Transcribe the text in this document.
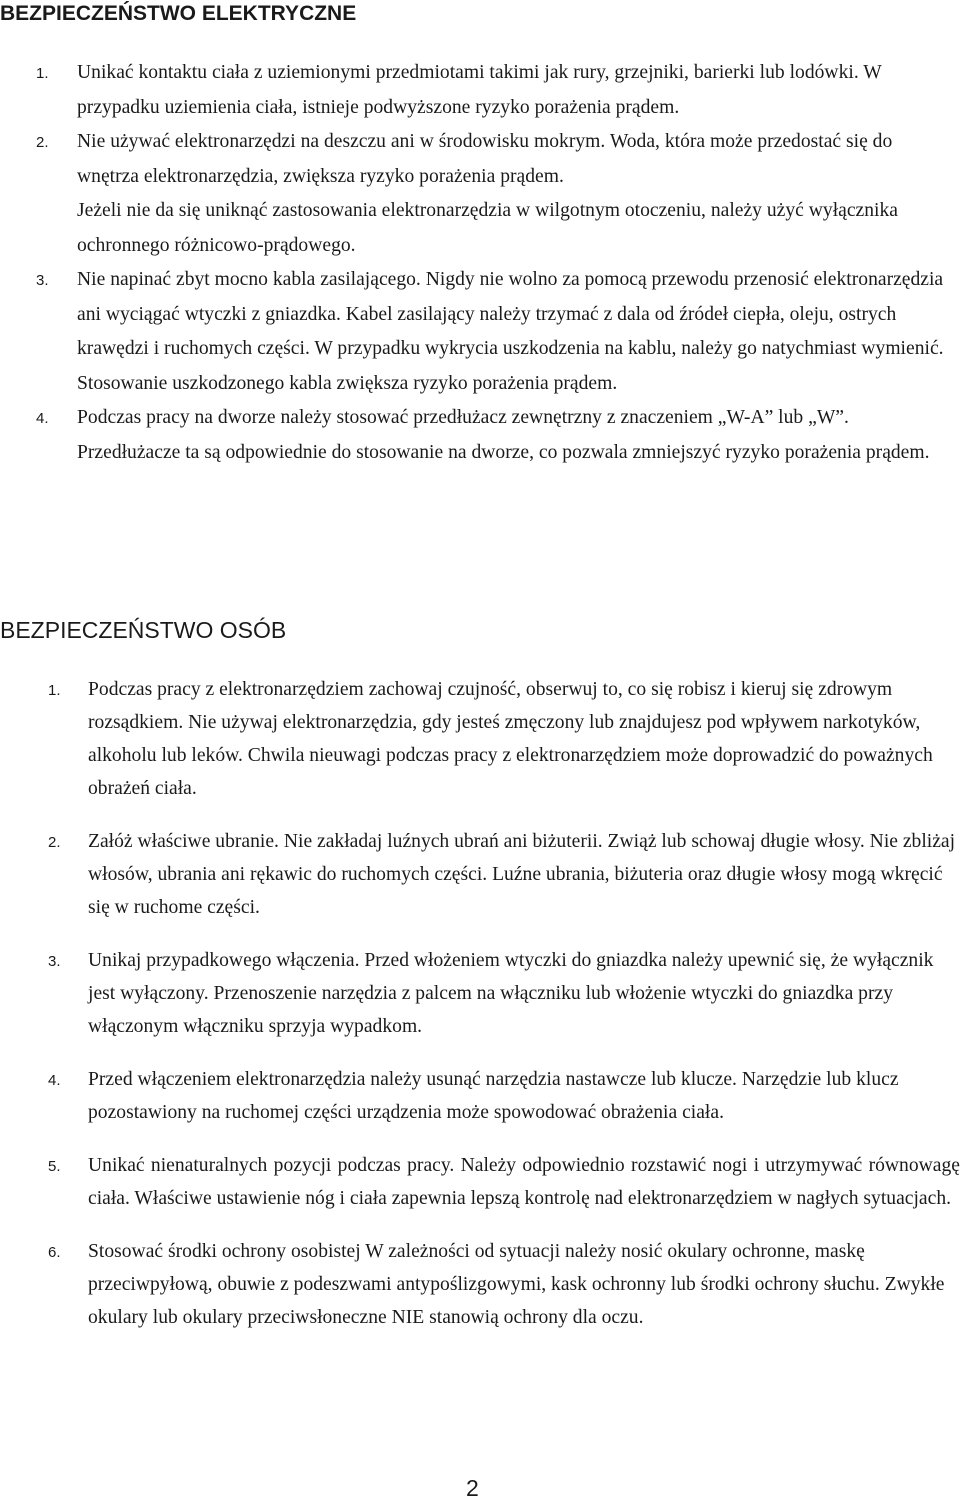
BEZPIECZEŃSTWO ELEKTRYCZNE
1. Unikać kontaktu ciała z uziemionymi przedmiotami takimi jak rury, grzejniki, barierki lub lodówki. W przypadku uziemienia ciała, istnieje podwyższone ryzyko porażenia prądem.

2. Nie używać elektronarzędzi na deszczu ani w środowisku mokrym. Woda, która może przedostać się do wnętrza elektronarzędzia, zwiększa ryzyko porażenia prądem.

Jeżeli nie da się uniknąć zastosowania elektronarzędzia w wilgotnym otoczeniu, należy użyć wyłącznika ochronnego różnicowo-prądowego.

3. Nie napinać zbyt mocno kabla zasilającego. Nigdy nie wolno za pomocą przewodu przenosić elektronarzędzia ani wyciągać wtyczki z gniazdka. Kabel zasilający należy trzymać z dala od źródeł ciepła, oleju, ostrych krawędzi i ruchomych części. W przypadku wykrycia uszkodzenia na kablu, należy go natychmiast wymienić. Stosowanie uszkodzonego kabla zwiększa ryzyko porażenia prądem.

4. Podczas pracy na dworze należy stosować przedłużacz zewnętrzny z znaczeniem „W-A” lub „W”. Przedłużacze ta są odpowiednie do stosowanie na dworze, co pozwala zmniejszyć ryzyko porażenia prądem.

BEZPIECZEŃSTWO OSÓB
1. Podczas pracy z elektronarzędziem zachowaj czujność, obserwuj to, co się robisz i kieruj się zdrowym rozsądkiem. Nie używaj elektronarzędzia, gdy jesteś zmęczony lub znajdujesz pod wpływem narkotyków, alkoholu lub leków. Chwila nieuwagi podczas pracy z elektronarzędziem może doprowadzić do poważnych obrażeń ciała.

2. Załóż właściwe ubranie. Nie zakładaj luźnych ubrań ani biżuterii. Zwiąż lub schowaj długie włosy. Nie zbliżaj włosów, ubrania ani rękawic do ruchomych części. Luźne ubrania, biżuteria oraz długie włosy mogą wkręcić się w ruchome części.

3. Unikaj przypadkowego włączenia. Przed włożeniem wtyczki do gniazdka należy upewnić się, że wyłącznik jest wyłączony. Przenoszenie narzędzia z palcem na włączniku lub włożenie wtyczki do gniazdka przy włączonym włączniku sprzyja wypadkom.

4. Przed włączeniem elektronarzędzia należy usunąć narzędzia nastawcze lub klucze. Narzędzie lub klucz pozostawiony na ruchomej części urządzenia może spowodować obrażenia ciała.

5. Unikać nienaturalnych pozycji podczas pracy. Należy odpowiednio rozstawić nogi i utrzymywać równowagę ciała. Właściwe ustawienie nóg i ciała zapewnia lepszą kontrolę nad elektronarzędziem w nagłych sytuacjach.

6. Stosować środki ochrony osobistej W zależności od sytuacji należy nosić okulary ochronne, maskę przeciwpyłową, obuwie z podeszwami antypoślizgowymi, kask ochronny lub środki ochrony słuchu. Zwykłe okulary lub okulary przeciwsłoneczne NIE stanowią ochrony dla oczu.

2
